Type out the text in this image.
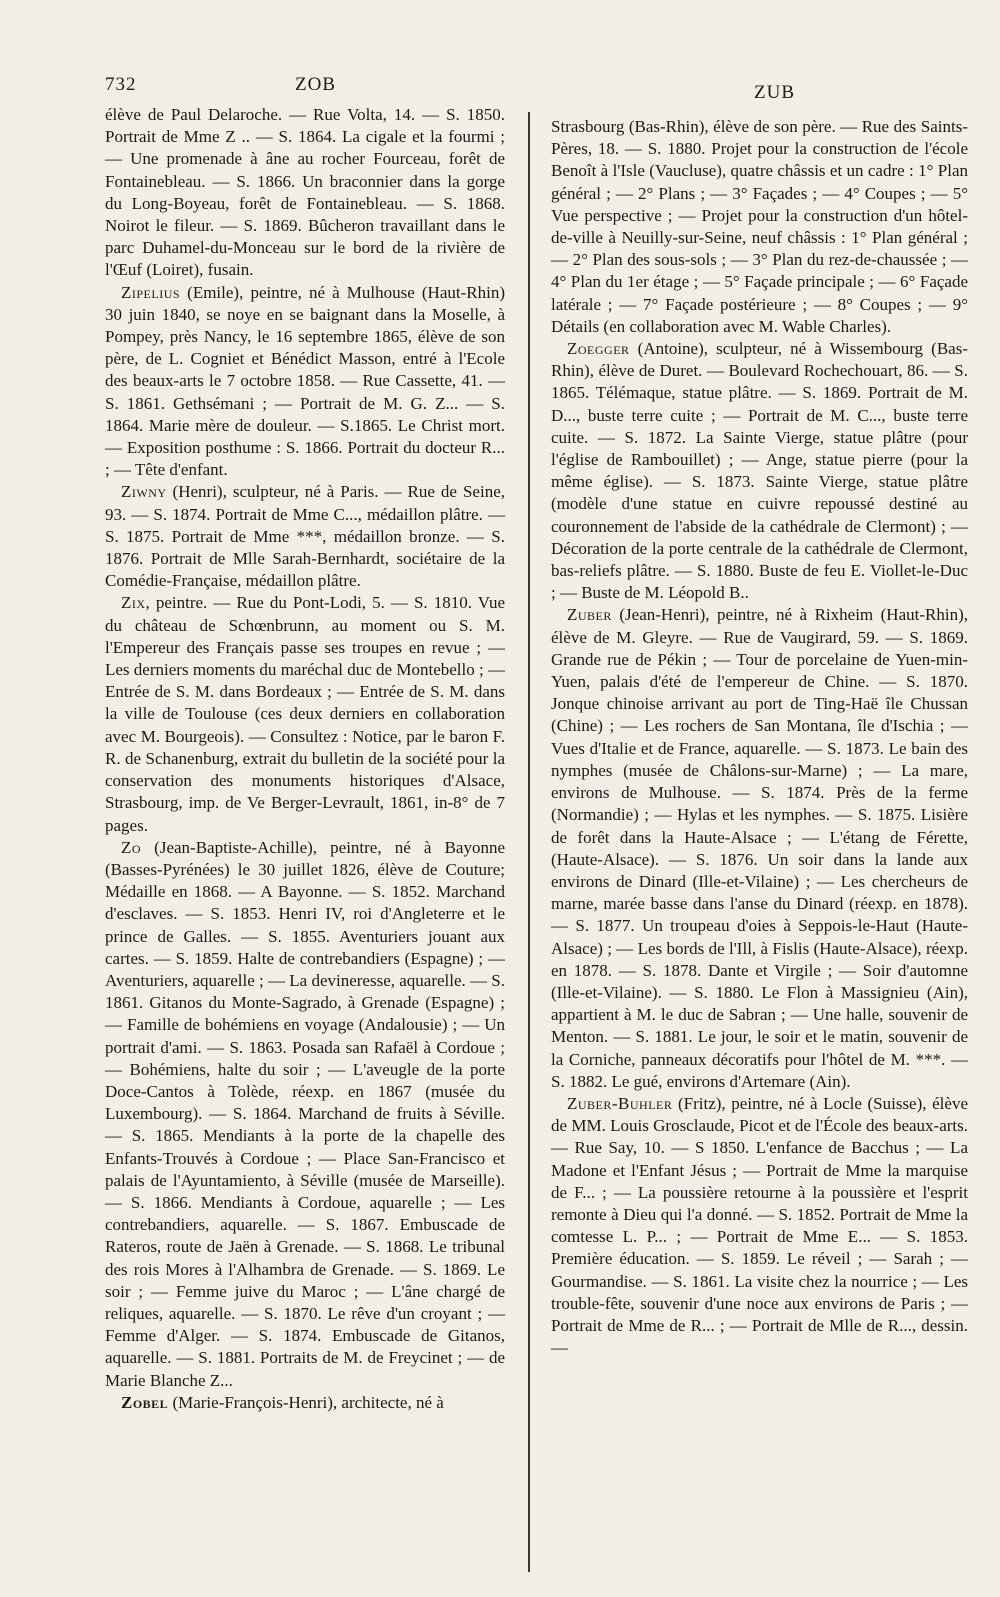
732	ZOB	ZUB

élève de Paul Delaroche. — Rue Volta, 14. — S. 1850. Portrait de Mme Z .. — S. 1864. La cigale et la fourmi ; — Une promenade à âne au rocher Fourceau, forêt de Fontainebleau. — S. 1866. Un braconnier dans la gorge du Long-Boyeau, forêt de Fontainebleau. — S. 1868. Noirot le fileur. — S. 1869. Bûcheron travaillant dans le parc Duhamel-du-Monceau sur le bord de la rivière de l'Œuf (Loiret), fusain.

Zipelius (Emile), peintre, né à Mulhouse (Haut-Rhin) 30 juin 1840, se noye en se baignant dans la Moselle, à Pompey, près Nancy, le 16 septembre 1865, élève de son père, de L. Cogniet et Bénédict Masson, entré à l'Ecole des beaux-arts le 7 octobre 1858. — Rue Cassette, 41. — S. 1861. Gethsémani ; — Portrait de M. G. Z... — S. 1864. Marie mère de douleur. — S.1865. Le Christ mort. — Exposition posthume : S. 1866. Portrait du docteur R... ; — Tête d'enfant.

Ziwny (Henri), sculpteur, né à Paris. — Rue de Seine, 93. — S. 1874. Portrait de Mme C..., médaillon plâtre. — S. 1875. Portrait de Mme ***, médaillon bronze. — S. 1876. Portrait de Mlle Sarah-Bernhardt, sociétaire de la Comédie-Française, médaillon plâtre.

Zix, peintre. — Rue du Pont-Lodi, 5. — S. 1810. Vue du château de Schœnbrunn, au moment ou S. M. l'Empereur des Français passe ses troupes en revue ; — Les derniers moments du maréchal duc de Montebello ; — Entrée de S. M. dans Bordeaux ; — Entrée de S. M. dans la ville de Toulouse (ces deux derniers en collaboration avec M. Bourgeois). — Consultez : Notice, par le baron F. R. de Schanenburg, extrait du bulletin de la société pour la conservation des monuments historiques d'Alsace, Strasbourg, imp. de Ve Berger-Levrault, 1861, in-8° de 7 pages.

Zo (Jean-Baptiste-Achille), peintre, né à Bayonne (Basses-Pyrénées) le 30 juillet 1826, élève de Couture; Médaille en 1868. — A Bayonne. — S. 1852. Marchand d'esclaves. — S. 1853. Henri IV, roi d'Angleterre et le prince de Galles. — S. 1855. Aventuriers jouant aux cartes. — S. 1859. Halte de contrebandiers (Espagne) ; — Aventuriers, aquarelle ; — La devineresse, aquarelle. — S. 1861. Gitanos du Monte-Sagrado, à Grenade (Espagne) ; — Famille de bohémiens en voyage (Andalousie) ; — Un portrait d'ami. — S. 1863. Posada san Rafaël à Cordoue ; — Bohémiens, halte du soir ; — L'aveugle de la porte Doce-Cantos à Tolède, réexp. en 1867 (musée du Luxembourg). — S. 1864. Marchand de fruits à Séville. — S. 1865. Mendiants à la porte de la chapelle des Enfants-Trouvés à Cordoue ; — Place San-Francisco et palais de l'Ayuntamiento, à Séville (musée de Marseille). — S. 1866. Mendiants à Cordoue, aquarelle ; — Les contrebandiers, aquarelle. — S. 1867. Embuscade de Rateros, route de Jaën à Grenade. — S. 1868. Le tribunal des rois Mores à l'Alhambra de Grenade. — S. 1869. Le soir ; — Femme juive du Maroc ; — L'âne chargé de reliques, aquarelle. — S. 1870. Le rêve d'un croyant ; — Femme d'Alger. — S. 1874. Embuscade de Gitanos, aquarelle. — S. 1881. Portraits de M. de Freycinet ; — de Marie Blanche Z...

Zobel (Marie-François-Henri), architecte, né à

Strasbourg (Bas-Rhin), élève de son père. — Rue des Saints-Pères, 18. — S. 1880. Projet pour la construction de l'école Benoît à l'Isle (Vaucluse), quatre châssis et un cadre : 1° Plan général ; — 2° Plans ; — 3° Façades ; — 4° Coupes ; — 5° Vue perspective ; — Projet pour la construction d'un hôtel-de-ville à Neuilly-sur-Seine, neuf châssis : 1° Plan général ; — 2° Plan des sous-sols ; — 3° Plan du rez-de-chaussée ; — 4° Plan du 1er étage ; — 5° Façade principale ; — 6° Façade latérale ; — 7° Façade postérieure ; — 8° Coupes ; — 9° Détails (en collaboration avec M. Wable Charles).

Zoegger (Antoine), sculpteur, né à Wissembourg (Bas-Rhin), élève de Duret. — Boulevard Rochechouart, 86. — S. 1865. Télémaque, statue plâtre. — S. 1869. Portrait de M. D..., buste terre cuite ; — Portrait de M. C..., buste terre cuite. — S. 1872. La Sainte Vierge, statue plâtre (pour l'église de Rambouillet) ; — Ange, statue pierre (pour la même église). — S. 1873. Sainte Vierge, statue plâtre (modèle d'une statue en cuivre repoussé destiné au couronnement de l'abside de la cathédrale de Clermont) ; — Décoration de la porte centrale de la cathédrale de Clermont, bas-reliefs plâtre. — S. 1880. Buste de feu E. Viollet-le-Duc ; — Buste de M. Léopold B..

Zuber (Jean-Henri), peintre, né à Rixheim (Haut-Rhin), élève de M. Gleyre. — Rue de Vaugirard, 59. — S. 1869. Grande rue de Pékin ; — Tour de porcelaine de Yuen-min-Yuen, palais d'été de l'empereur de Chine. — S. 1870. Jonque chinoise arrivant au port de Ting-Haë île Chussan (Chine) ; — Les rochers de San Montana, île d'Ischia ; — Vues d'Italie et de France, aquarelle. — S. 1873. Le bain des nymphes (musée de Châlons-sur-Marne) ; — La mare, environs de Mulhouse. — S. 1874. Près de la ferme (Normandie) ; — Hylas et les nymphes. — S. 1875. Lisière de forêt dans la Haute-Alsace ; — L'étang de Férette, (Haute-Alsace). — S. 1876. Un soir dans la lande aux environs de Dinard (Ille-et-Vilaine) ; — Les chercheurs de marne, marée basse dans l'anse du Dinard (réexp. en 1878). — S. 1877. Un troupeau d'oies à Seppois-le-Haut (Haute-Alsace) ; — Les bords de l'Ill, à Fislis (Haute-Alsace), réexp. en 1878. — S. 1878. Dante et Virgile ; — Soir d'automne (Ille-et-Vilaine). — S. 1880. Le Flon à Massignieu (Ain), appartient à M. le duc de Sabran ; — Une halle, souvenir de Menton. — S. 1881. Le jour, le soir et le matin, souvenir de la Corniche, panneaux décoratifs pour l'hôtel de M. ***. — S. 1882. Le gué, environs d'Artemare (Ain).

Zuber-Buhler (Fritz), peintre, né à Locle (Suisse), élève de MM. Louis Grosclaude, Picot et de l'École des beaux-arts. — Rue Say, 10. — S 1850. L'enfance de Bacchus ; — La Madone et l'Enfant Jésus ; — Portrait de Mme la marquise de F... ; — La poussière retourne à la poussière et l'esprit remonte à Dieu qui l'a donné. — S. 1852. Portrait de Mme la comtesse L. P... ; — Portrait de Mme E... — S. 1853. Première éducation. — S. 1859. Le réveil ; — Sarah ; — Gourmandise. — S. 1861. La visite chez la nourrice ; — Les trouble-fête, souvenir d'une noce aux environs de Paris ; — Portrait de Mme de R... ; — Portrait de Mlle de R..., dessin. —
